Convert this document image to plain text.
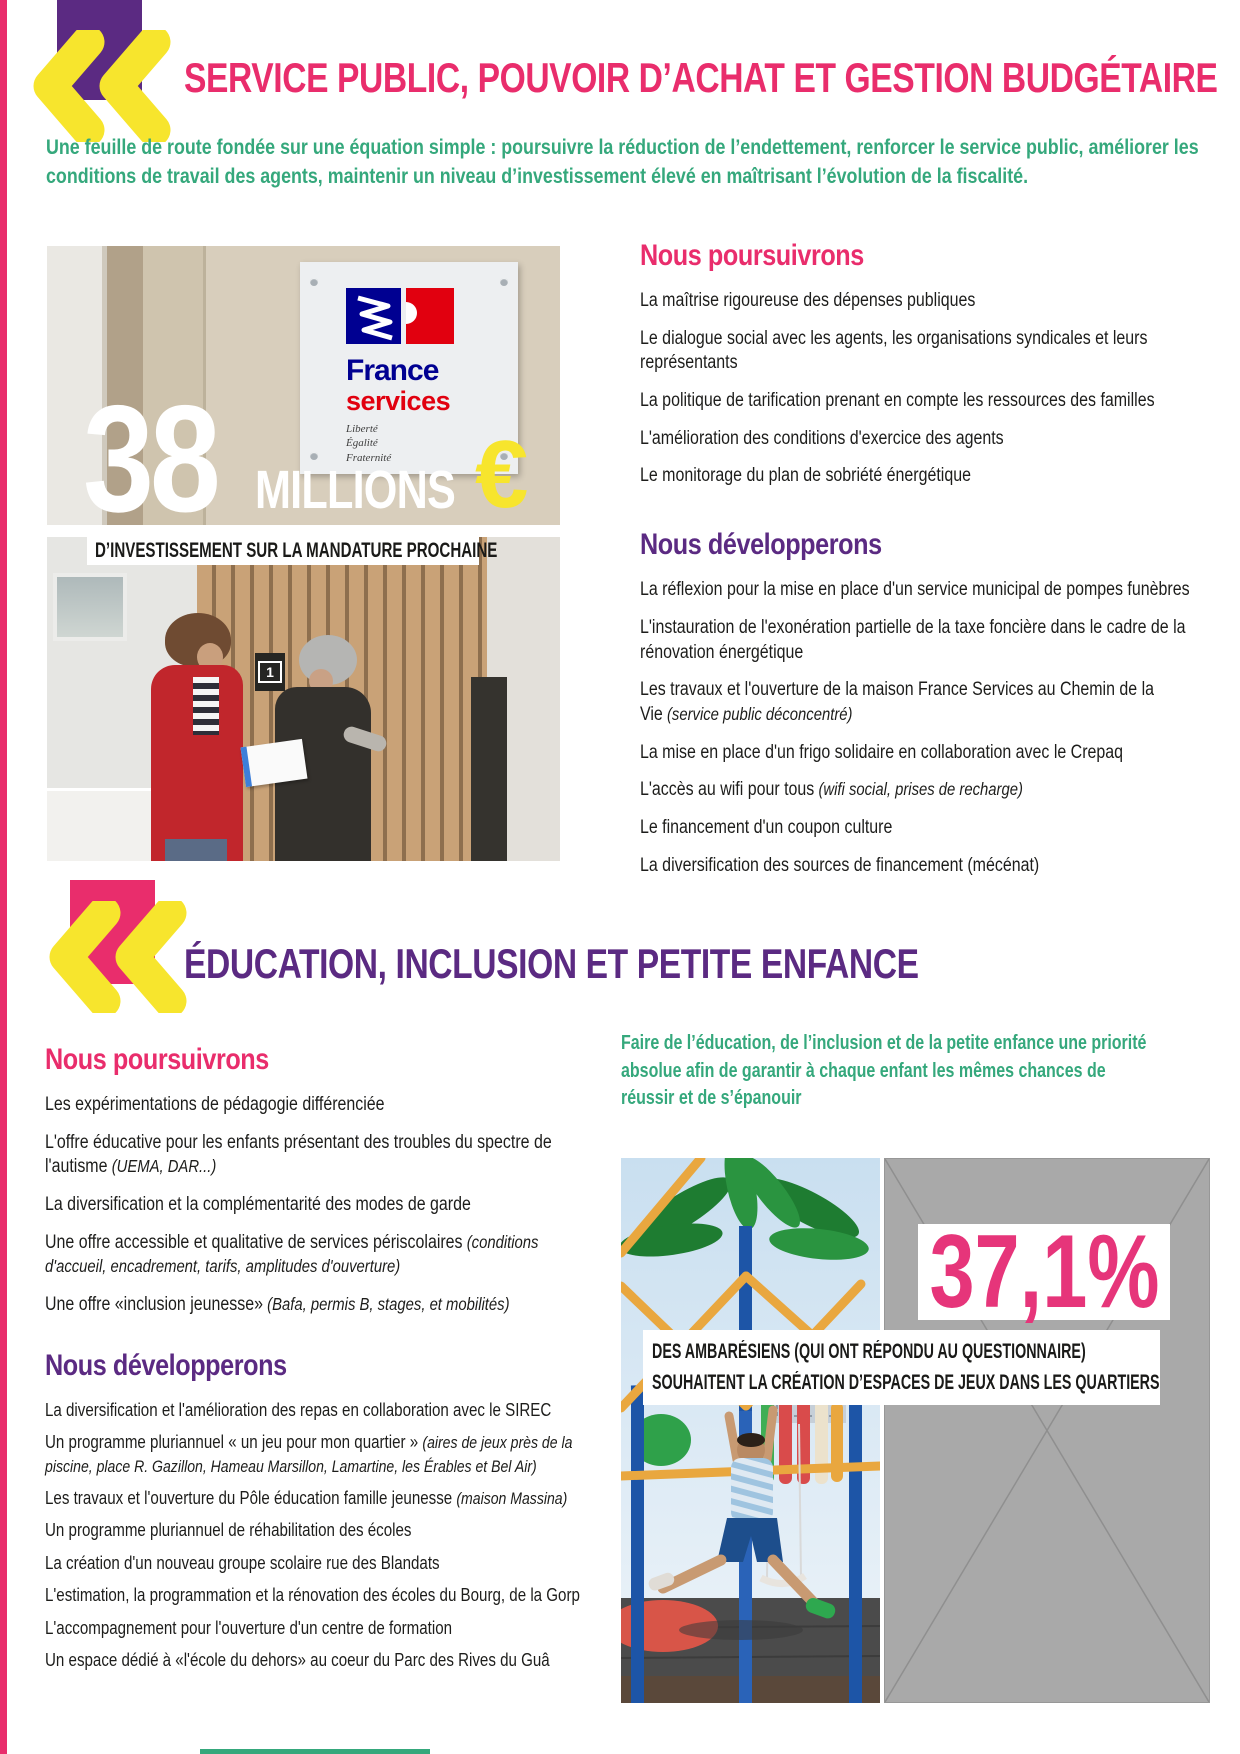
SERVICE PUBLIC, POUVOIR D’ACHAT ET GESTION BUDGÉTAIRE
Une feuille de route fondée sur une équation simple : poursuivre la réduction de l’endettement, renforcer le service public, améliorer les conditions de travail des agents, maintenir un niveau d’investissement élevé en maîtrisant l’évolution de la fiscalité.
France
services
Liberté
Égalité
Fraternité
38 MILLIONS €
1
D’INVESTISSEMENT SUR LA MANDATURE PROCHAINE
Nous poursuivrons
La maîtrise rigoureuse des dépenses publiques
Le dialogue social avec les agents, les organisations syndicales et leurs représentants
La politique de tarification prenant en compte les ressources des familles
L'amélioration des conditions d'exercice des agents
Le monitorage du plan de sobriété énergétique
Nous développerons
La réflexion pour la mise en place d'un service municipal de pompes funèbres
L'instauration de l'exonération partielle de la taxe foncière dans le cadre de la rénovation énergétique
Les travaux et l'ouverture de la maison France Services au Chemin de la Vie (service public déconcentré)
La mise en place d'un frigo solidaire en collaboration avec le Crepaq
L'accès au wifi pour tous (wifi social, prises de recharge)
Le financement d'un coupon culture
La diversification des sources de financement (mécénat)
ÉDUCATION, INCLUSION ET PETITE ENFANCE
Faire de l’éducation, de l’inclusion et de la petite enfance une priorité absolue afin de garantir à chaque enfant les mêmes chances de réussir et de s’épanouir
Nous poursuivrons
Les expérimentations de pédagogie différenciée
L'offre éducative pour les enfants présentant des troubles du spectre de l'autisme (UEMA, DAR...)
La diversification et la complémentarité des modes de garde
Une offre accessible et qualitative de services périscolaires (conditions d'accueil, encadrement, tarifs, amplitudes d'ouverture)
Une offre «inclusion jeunesse» (Bafa, permis B, stages, et mobilités)
Nous développerons
La diversification et l'amélioration des repas en collaboration avec le SIREC
Un programme pluriannuel « un jeu pour mon quartier » (aires de jeux près de la piscine, place R. Gazillon, Hameau Marsillon, Lamartine, les Érables et Bel Air)
Les travaux et l'ouverture du Pôle éducation famille jeunesse (maison Massina)
Un programme pluriannuel de réhabilitation des écoles
La création d'un nouveau groupe scolaire rue des Blandats
L'estimation, la programmation et la rénovation des écoles du Bourg, de la Gorp
L'accompagnement pour l'ouverture d'un centre de formation
Un espace dédié à «l'école du dehors» au coeur du Parc des Rives du Guâ
37,1%
DES AMBARÉSIENS (QUI ONT RÉPONDU AU QUESTIONNAIRE)
SOUHAITENT LA CRÉATION D’ESPACES DE JEUX DANS LES QUARTIERS
